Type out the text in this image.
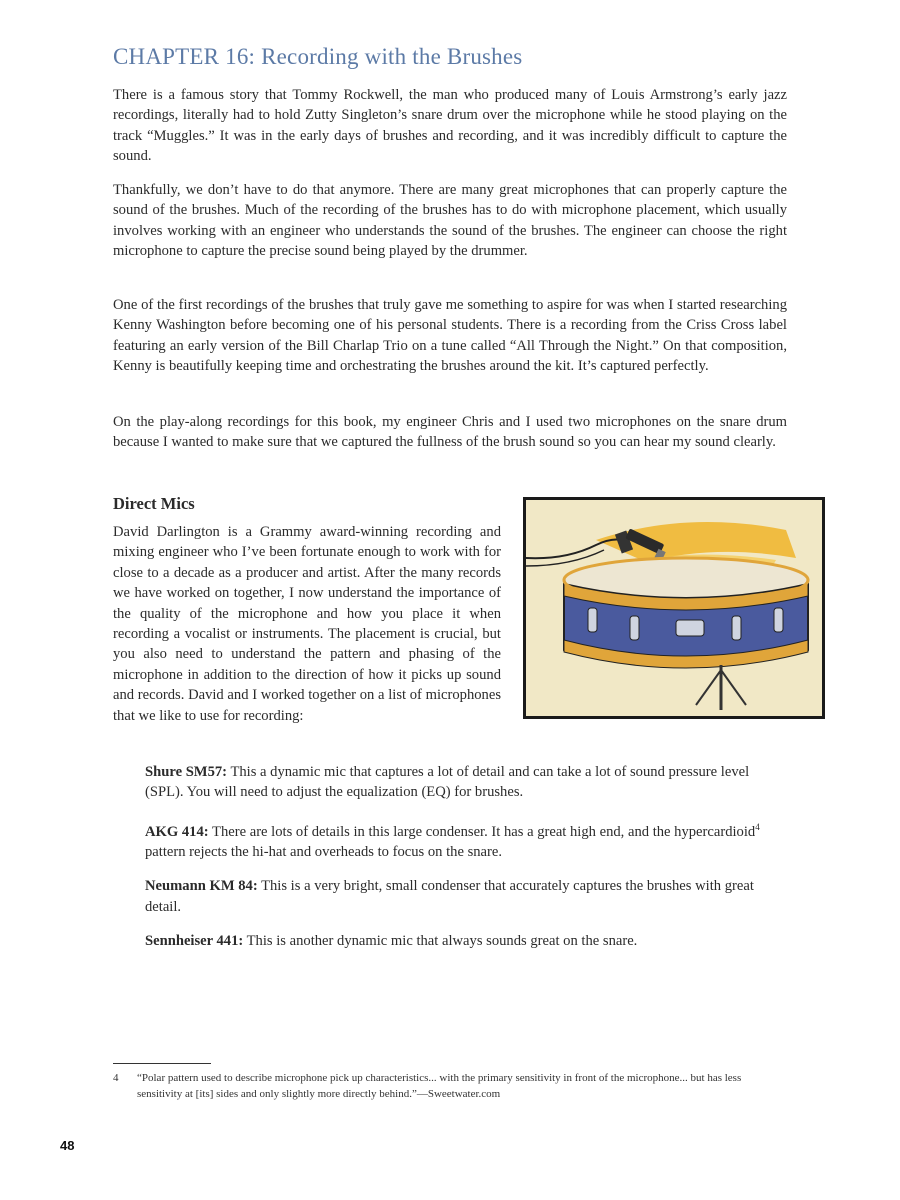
CHAPTER 16: Recording with the Brushes

There is a famous story that Tommy Rockwell, the man who produced many of Louis Armstrong’s early jazz recordings, literally had to hold Zutty Singleton’s snare drum over the microphone while he stood playing on the track “Muggles.” It was in the early days of brushes and recording, and it was incredibly difficult to capture the sound.

Thankfully, we don’t have to do that anymore. There are many great microphones that can properly capture the sound of the brushes. Much of the recording of the brushes has to do with microphone placement, which usually involves working with an engineer who understands the sound of the brushes. The engineer can choose the right microphone to capture the precise sound being played by the drummer.

One of the first recordings of the brushes that truly gave me something to aspire for was when I started researching Kenny Washington before becoming one of his personal students. There is a recording from the Criss Cross label featuring an early version of the Bill Charlap Trio on a tune called “All Through the Night.” On that composition, Kenny is beautifully keeping time and orchestrating the brushes around the kit. It’s captured perfectly.

On the play-along recordings for this book, my engineer Chris and I used two microphones on the snare drum because I wanted to make sure that we captured the fullness of the brush sound so you can hear my sound clearly.

Direct Mics

David Darlington is a Grammy award-winning recording and mixing engineer who I’ve been fortunate enough to work with for close to a decade as a producer and artist. After the many records we have worked on together, I now understand the importance of the quality of the microphone and how you place it when recording a vocalist or instruments. The placement is crucial, but you also need to understand the pattern and phasing of the microphone in addition to the direction of how it picks up sound and records. David and I worked together on a list of microphones that we like to use for recording:

Shure SM57: This a dynamic mic that captures a lot of detail and can take a lot of sound pressure level (SPL). You will need to adjust the equalization (EQ) for brushes.

AKG 414: There are lots of details in this large condenser. It has a great high end, and the hypercardioid$^4$ pattern rejects the hi-hat and overheads to focus on the snare.

Neumann KM 84: This is a very bright, small condenser that accurately captures the brushes with great detail.

Sennheiser 441: This is another dynamic mic that always sounds great on the snare.

4	“Polar pattern used to describe microphone pick up characteristics... with the primary sensitivity in front of the microphone... but has less sensitivity at [its] sides and only slightly more directly behind.”—Sweetwater.com
48
